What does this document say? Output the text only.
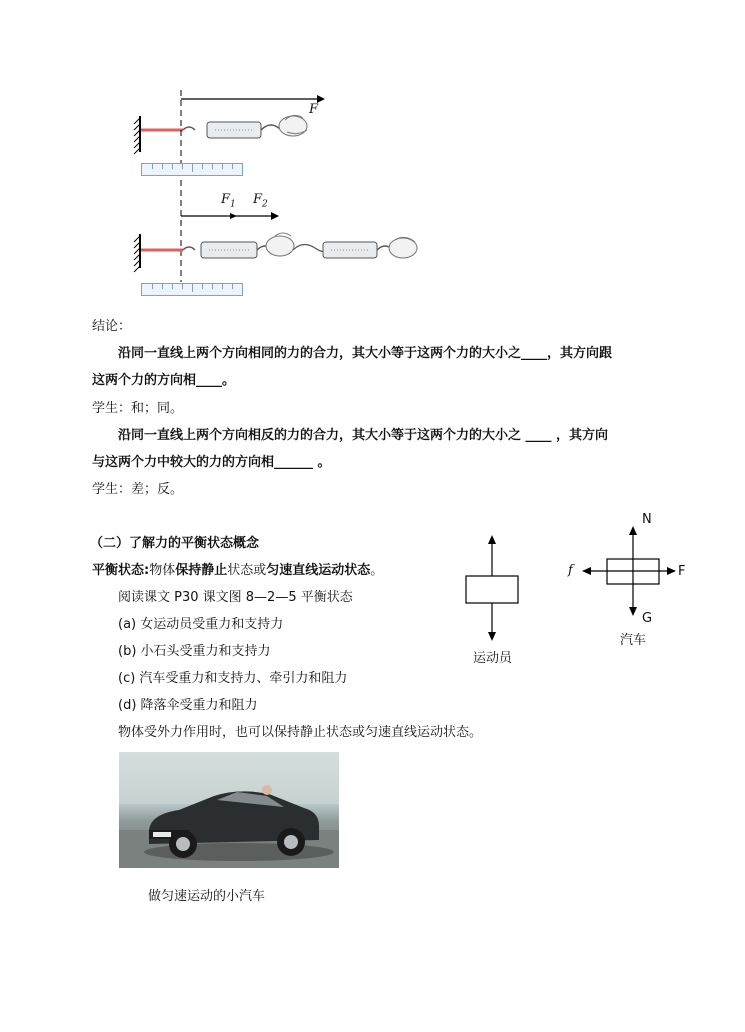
F
$F_1$ $F_2$
结论：
沿同一直线上两个方向相同的力的合力，其大小等于这两个力的大小之____，其方向跟
这两个力的方向相____。
学生：和；同。
沿同一直线上两个方向相反的力的合力，其大小等于这两个力的大小之 ____ ，其方向
与这两个力中较大的力的方向相______ 。
学生：差；反。
（二）了解力的平衡状态概念
平衡状态:物体保持静止状态或匀速直线运动状态。
阅读课文 P30 课文图 8—2—5 平衡状态
(a) 女运动员受重力和支持力
(b) 小石头受重力和支持力
(c) 汽车受重力和支持力、牵引力和阻力
(d) 降落伞受重力和阻力
物体受外力作用时，也可以保持静止状态或匀速直线运动状态。
运动员
N
G
f	F
汽车
做匀速运动的小汽车
